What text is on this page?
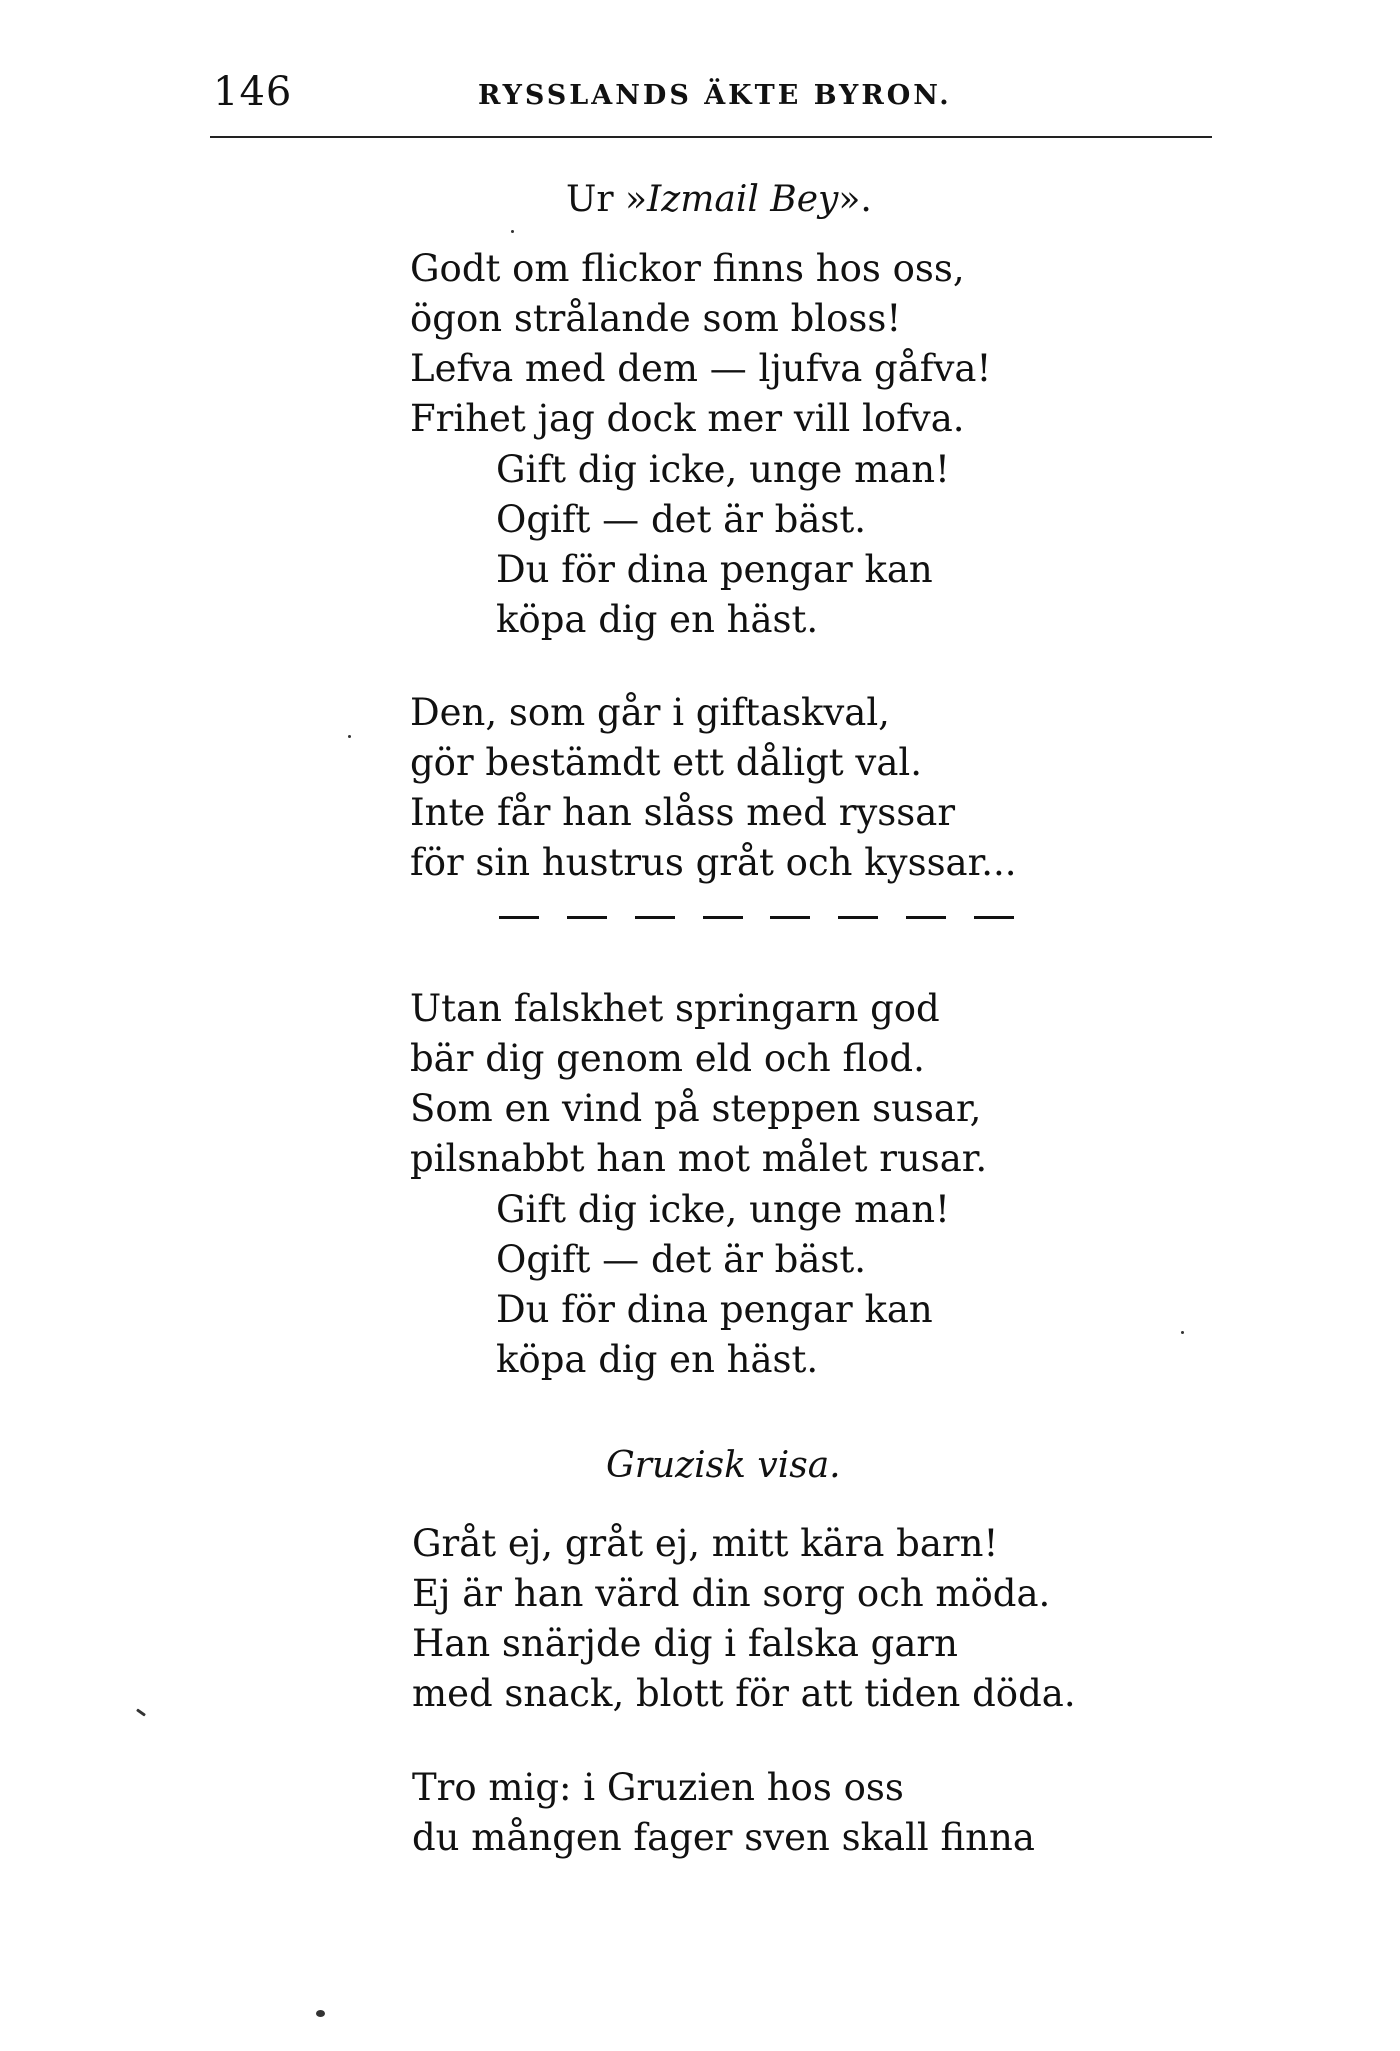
146	RYSSLANDS ÄKTE BYRON.
Ur »Izmail Bey».
Godt om flickor finns hos oss,
ögon strålande som bloss!
Lefva med dem — ljufva gåfva!
Frihet jag dock mer vill lofva.
Gift dig icke, unge man!
Ogift — det är bäst.
Du för dina pengar kan
köpa dig en häst.
Den, som går i giftaskval,
gör bestämdt ett dåligt val.
Inte får han slåss med ryssar
för sin hustrus gråt och kyssar...
Utan falskhet springarn god
bär dig genom eld och flod.
Som en vind på steppen susar,
pilsnabbt han mot målet rusar.
Gift dig icke, unge man!
Ogift — det är bäst.
Du för dina pengar kan
köpa dig en häst.
Gruzisk visa.
Gråt ej, gråt ej, mitt kära barn!
Ej är han värd din sorg och möda.
Han snärjde dig i falska garn
med snack, blott för att tiden döda.
Tro mig: i Gruzien hos oss
du mången fager sven skall finna
